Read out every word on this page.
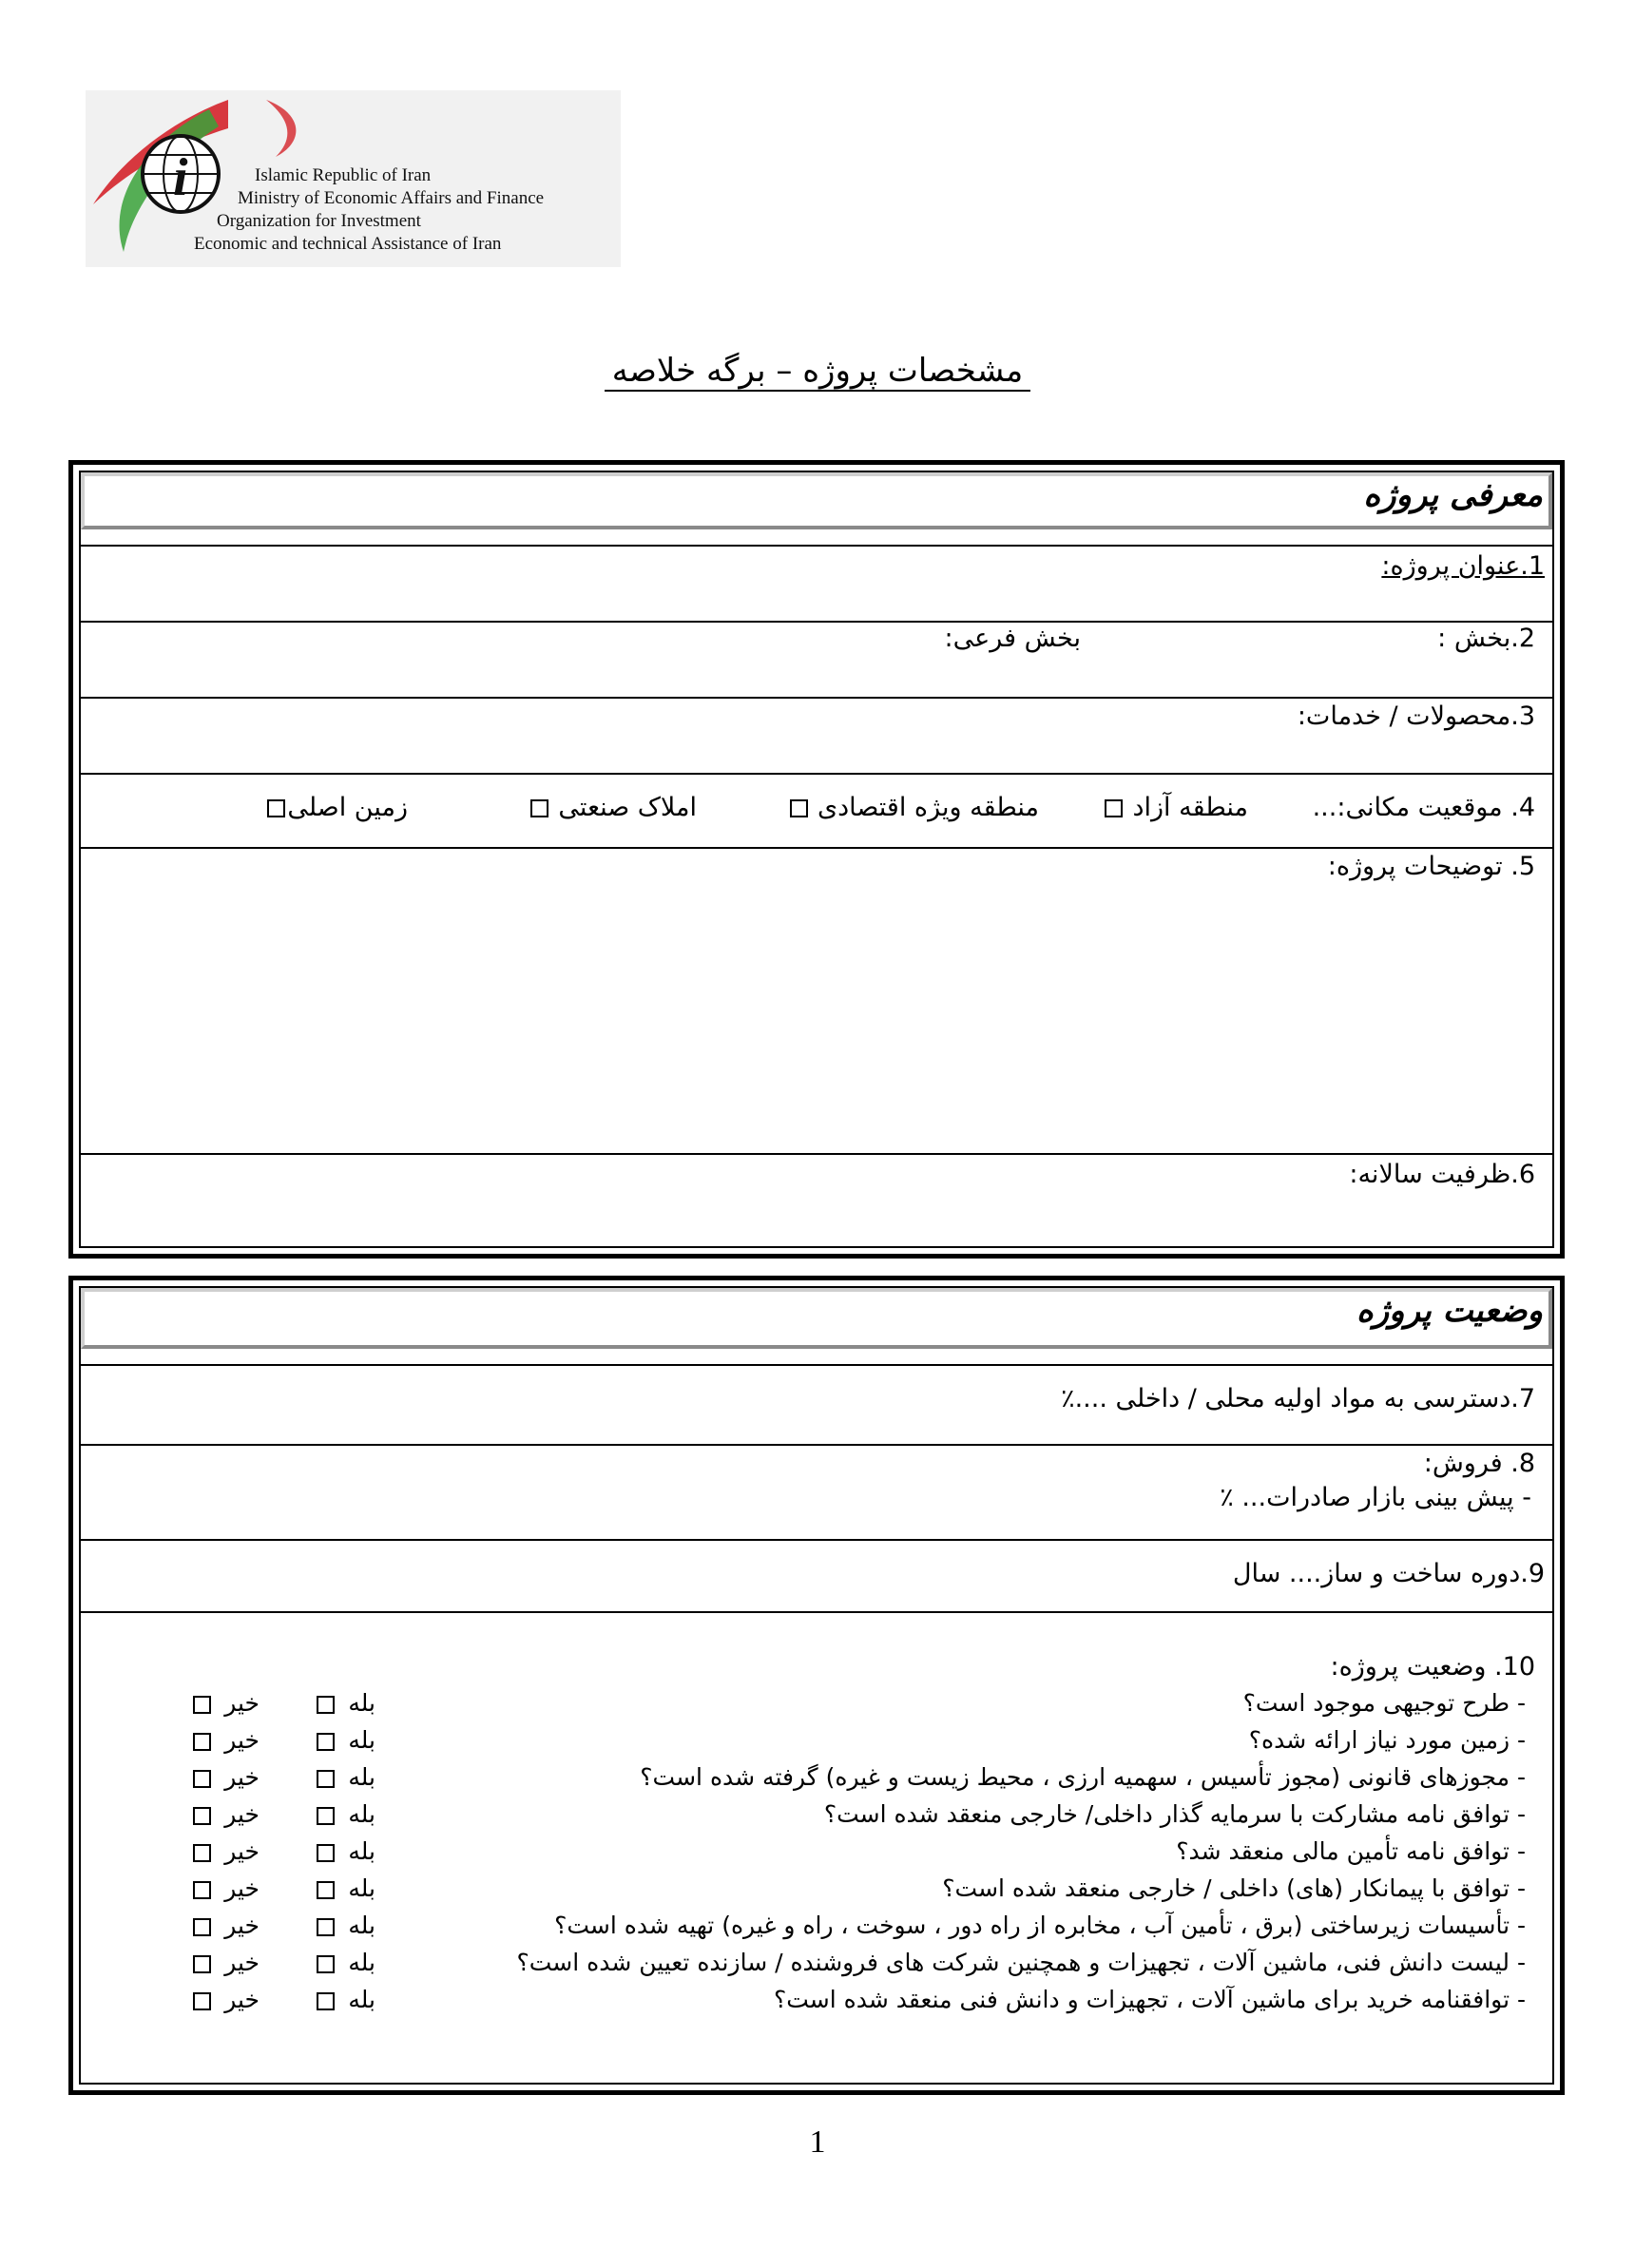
i	Islamic Republic of Iran
Ministry of Economic Affairs and Finance
Organization for Investment
Economic and technical Assistance of Iran
مشخصات پروژه – برگه خلاصه
معرفی پروژه
1.عنوان پروژه:
2.بخش :
بخش فرعی:
3.محصولات / خدمات:
4. موقعیت مکانی:...
منطقه آزاد
منطقه ویژه اقتصادی
املاک صنعتی
زمین اصلی
5. توضیحات پروژه:
6.ظرفیت سالانه:
وضعیت پروژه
7.دسترسی به مواد اولیه محلی / داخلی ....٪
8. فروش:
- پیش بینی بازار صادرات... ٪
9.دوره ساخت و ساز.... سال
10. وضعیت پروژه:
- طرح توجیهی موجود است؟
- زمین مورد نیاز ارائه شده؟
- مجوزهای قانونی (مجوز تأسیس ، سهمیه ارزی ، محیط زیست و غیره) گرفته شده است؟
- توافق نامه مشارکت با سرمایه گذار داخلی/ خارجی منعقد شده است؟
- توافق نامه تأمین مالی منعقد شد؟
- توافق با پیمانکار (های) داخلی / خارجی منعقد شده است؟
- تأسیسات زیرساختی (برق ، تأمین آب ، مخابره از راه دور ، سوخت ، راه و غیره) تهیه شده است؟
- لیست دانش فنی، ماشین آلات ، تجهیزات و همچنین شرکت های فروشنده / سازنده تعیین شده است؟
- توافقنامه خرید برای ماشین آلات ، تجهیزات و دانش فنی منعقد شده است؟
بله
خیر
بله
خیر
بله
خیر
بله
خیر
بله
خیر
بله
خیر
بله
خیر
بله
خیر
بله
خیر
1
